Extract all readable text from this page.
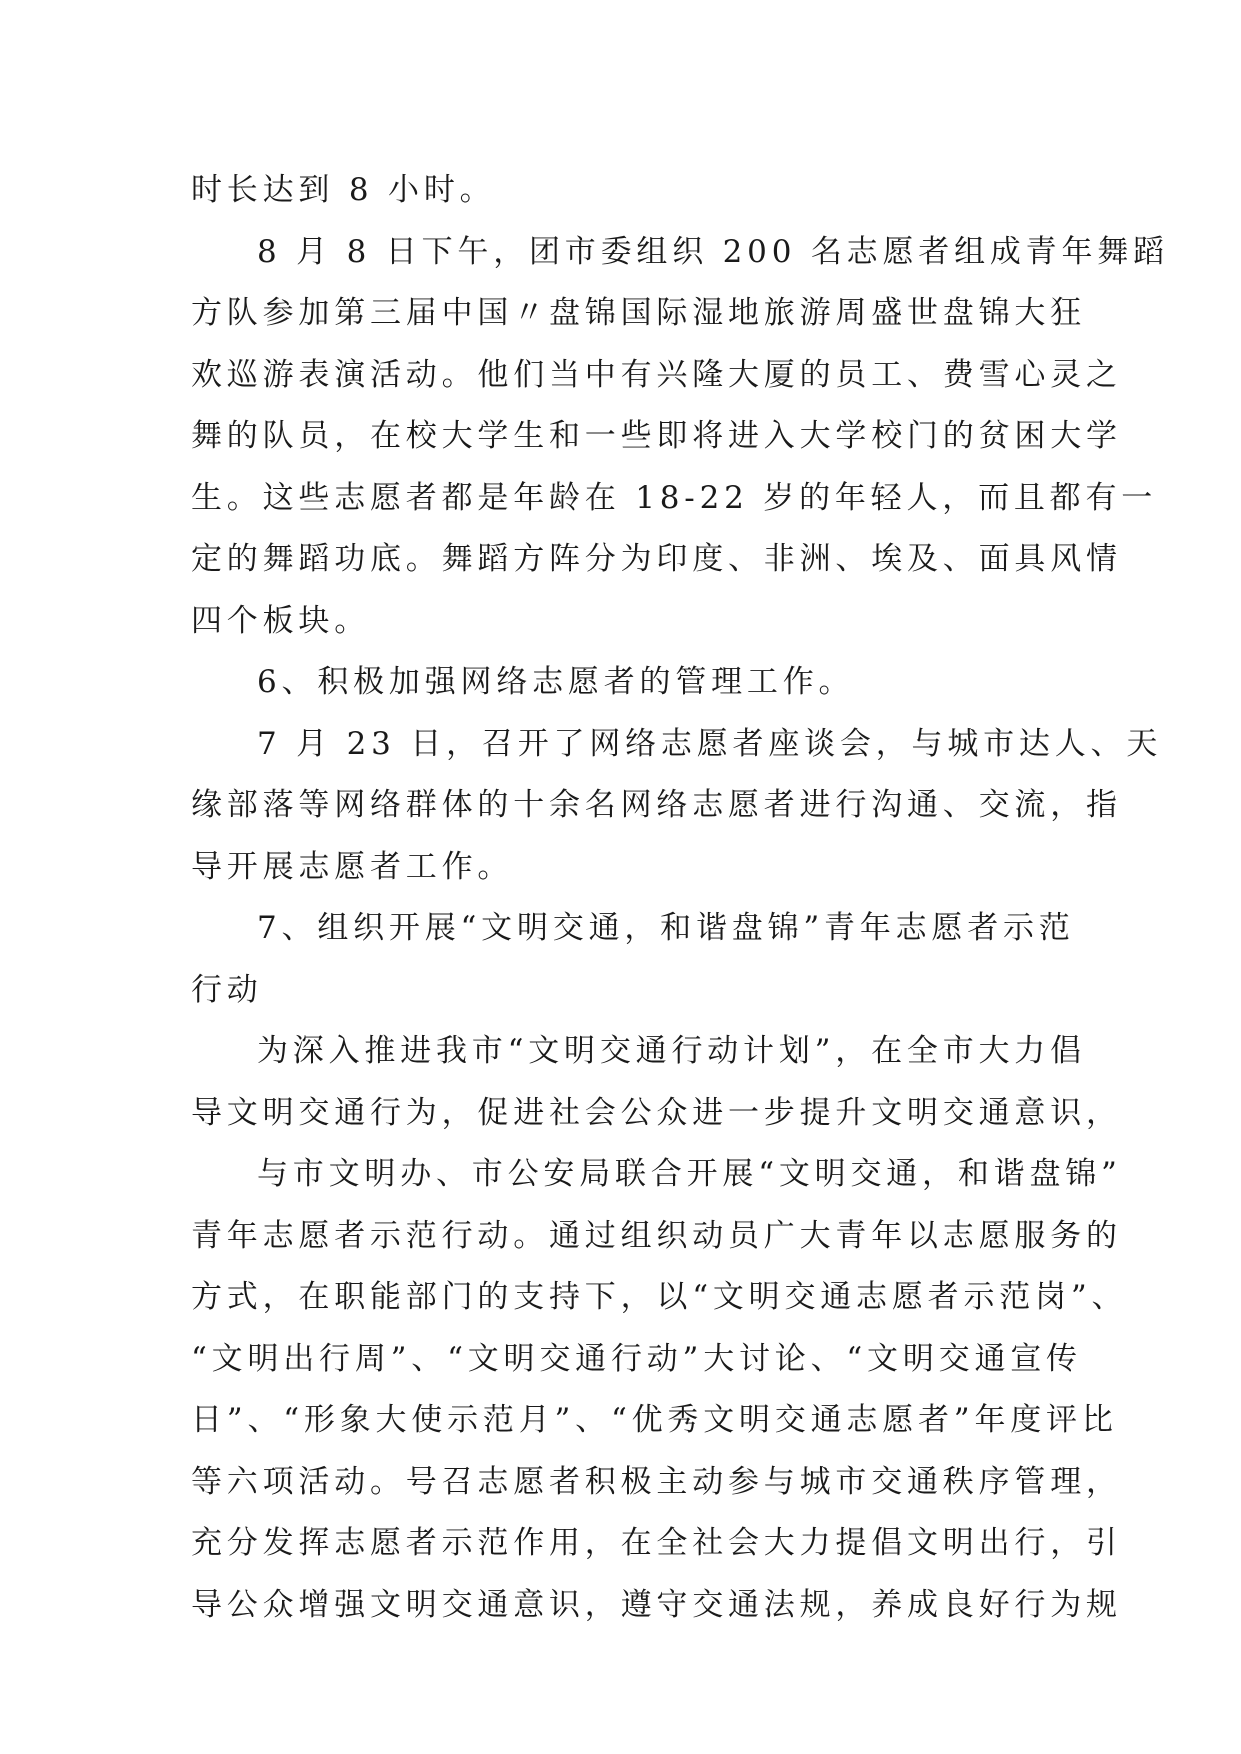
时长达到 8 小时。
8 月 8 日下午，团市委组织 200 名志愿者组成青年舞蹈
方队参加第三届中国〃盘锦国际湿地旅游周盛世盘锦大狂
欢巡游表演活动。他们当中有兴隆大厦的员工、费雪心灵之
舞的队员，在校大学生和一些即将进入大学校门的贫困大学
生。这些志愿者都是年龄在 18-22 岁的年轻人，而且都有一
定的舞蹈功底。舞蹈方阵分为印度、非洲、埃及、面具风情
四个板块。
6、积极加强网络志愿者的管理工作。
7 月 23 日，召开了网络志愿者座谈会，与城市达人、天
缘部落等网络群体的十余名网络志愿者进行沟通、交流，指
导开展志愿者工作。
7、组织开展“文明交通，和谐盘锦”青年志愿者示范
行动
为深入推进我市“文明交通行动计划”，在全市大力倡
导文明交通行为，促进社会公众进一步提升文明交通意识，
与市文明办、市公安局联合开展“文明交通，和谐盘锦”
青年志愿者示范行动。通过组织动员广大青年以志愿服务的
方式，在职能部门的支持下，以“文明交通志愿者示范岗”、
“文明出行周”、“文明交通行动”大讨论、“文明交通宣传
日”、“形象大使示范月”、“优秀文明交通志愿者”年度评比
等六项活动。号召志愿者积极主动参与城市交通秩序管理，
充分发挥志愿者示范作用，在全社会大力提倡文明出行，引
导公众增强文明交通意识，遵守交通法规，养成良好行为规
